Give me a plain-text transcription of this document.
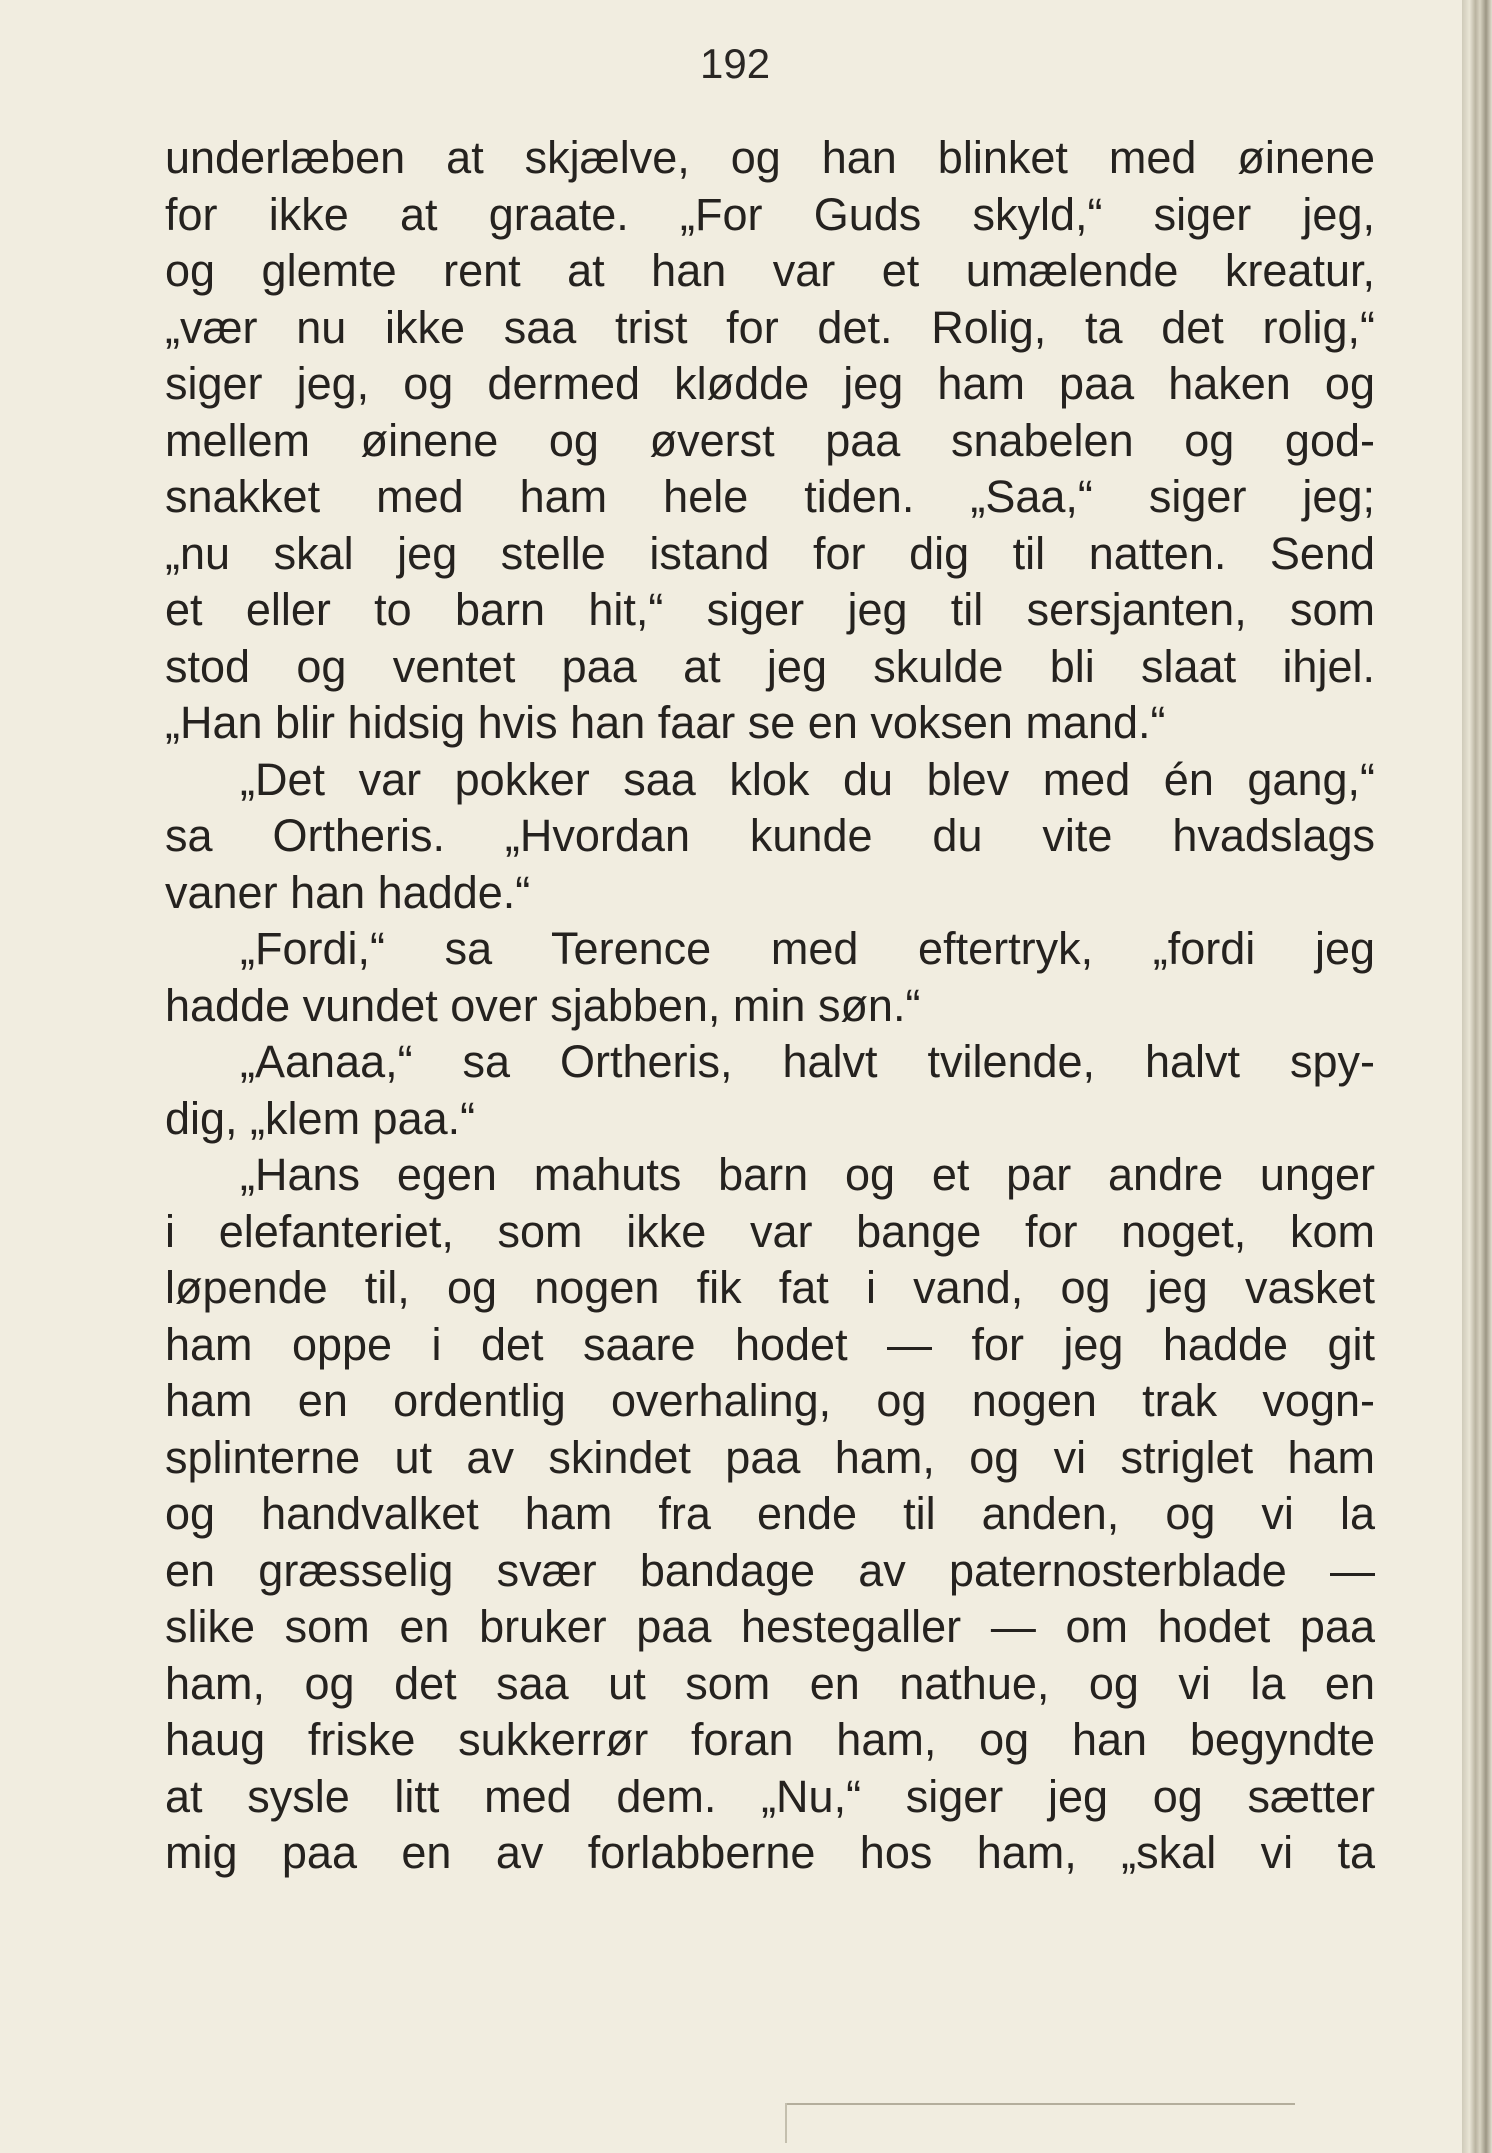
192
underlæben at skjælve, og han blinket med øinene
for ikke at graate. „For Guds skyld,“ siger jeg,
og glemte rent at han var et umælende kreatur,
„vær nu ikke saa trist for det. Rolig, ta det rolig,“
siger jeg, og dermed kløddе jeg ham paa haken og
mellem øinene og øverst paa snabelen og god-
snakket med ham hele tiden. „Saa,“ siger jeg;
„nu skal jeg stelle istand for dig til natten. Send
et eller to barn hit,“ siger jeg til sersjanten, som
stod og ventet paa at jeg skulde bli slaat ihjel.
„Han blir hidsig hvis han faar se en voksen mand.“
„Det var pokker saa klok du blev med én gang,“
sa Ortheris. „Hvordan kunde du vite hvadslags
vaner han hadde.“
„Fordi,“ sa Terence med eftertryk, „fordi jeg
hadde vundet over sjabben, min søn.“
„Aanaa,“ sa Ortheris, halvt tvilende, halvt spy-
dig, „klem paa.“
„Hans egen mahuts barn og et par andre unger
i elefanteriet, som ikke var bange for noget, kom
løpende til, og nogen fik fat i vand, og jeg vasket
ham oppe i det saare hodet — for jeg hadde git
ham en ordentlig overhaling, og nogen trak vogn-
splinterne ut av skindet paa ham, og vi striglet ham
og handvalket ham fra ende til anden, og vi la
en græsselig svær bandage av paternosterblade —
slike som en bruker paa hestegaller — om hodet paa
ham, og det saa ut som en nathue, og vi la en
haug friske sukkerrør foran ham, og han begyndte
at sysle litt med dem. „Nu,“ siger jeg og sætter
mig paa en av forlabberne hos ham, „skal vi ta
